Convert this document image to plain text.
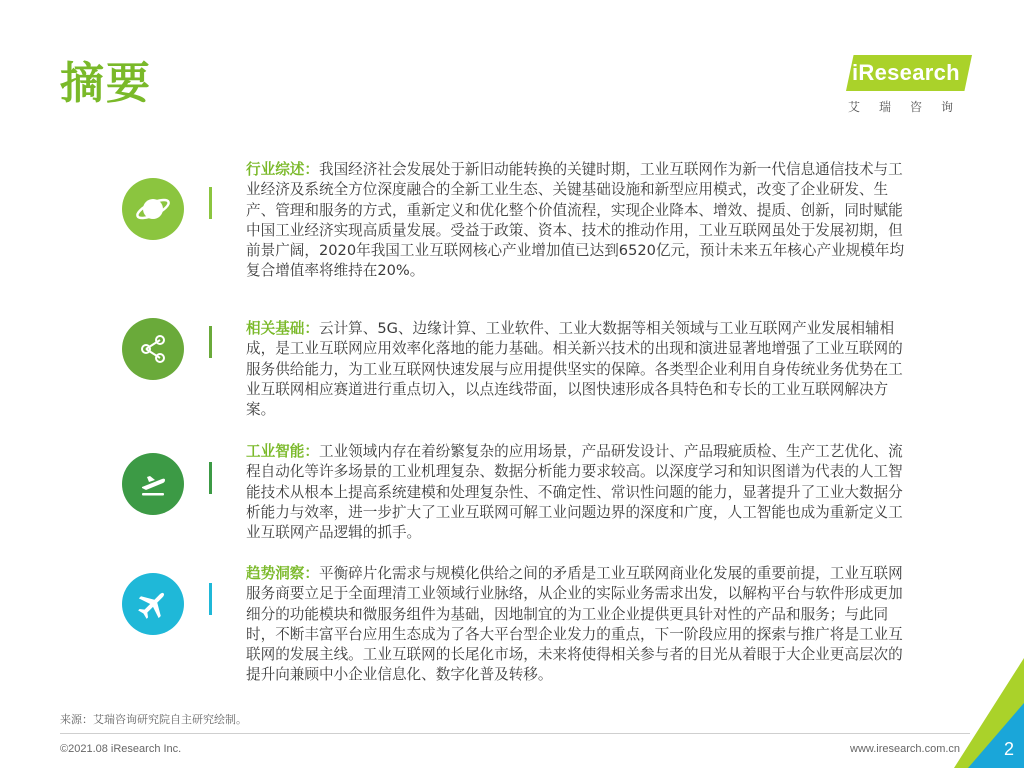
摘要	iResearch
艾瑞咨询
行业综述：我国经济社会发展处于新旧动能转换的关键时期，工业互联网作为新一代信息通信技术与工业经济及系统全方位深度融合的全新工业生态、关键基础设施和新型应用模式，改变了企业研发、生产、管理和服务的方式，重新定义和优化整个价值流程，实现企业降本、增效、提质、创新，同时赋能中国工业经济实现高质量发展。受益于政策、资本、技术的推动作用，工业互联网虽处于发展初期，但前景广阔，2020年我国工业互联网核心产业增加值已达到6520亿元，预计未来五年核心产业规模年均复合增值率将维持在20%。
相关基础：云计算、5G、边缘计算、工业软件、工业大数据等相关领域与工业互联网产业发展相辅相成，是工业互联网应用效率化落地的能力基础。相关新兴技术的出现和演进显著地增强了工业互联网的服务供给能力，为工业互联网快速发展与应用提供坚实的保障。各类型企业利用自身传统业务优势在工业互联网相应赛道进行重点切入，以点连线带面，以图快速形成各具特色和专长的工业互联网解决方案。
工业智能：工业领域内存在着纷繁复杂的应用场景，产品研发设计、产品瑕疵质检、生产工艺优化、流程自动化等许多场景的工业机理复杂、数据分析能力要求较高。以深度学习和知识图谱为代表的人工智能技术从根本上提高系统建模和处理复杂性、不确定性、常识性问题的能力，显著提升了工业大数据分析能力与效率，进一步扩大了工业互联网可解工业问题边界的深度和广度，人工智能也成为重新定义工业互联网产品逻辑的抓手。
趋势洞察：平衡碎片化需求与规模化供给之间的矛盾是工业互联网商业化发展的重要前提，工业互联网服务商要立足于全面理清工业领域行业脉络，从企业的实际业务需求出发，以解构平台与软件形成更加细分的功能模块和微服务组件为基础，因地制宜的为工业企业提供更具针对性的产品和服务；与此同时，不断丰富平台应用生态成为了各大平台型企业发力的重点，下一阶段应用的探索与推广将是工业互联网的发展主线。工业互联网的长尾化市场，未来将使得相关参与者的目光从着眼于大企业更高层次的提升向兼顾中小企业信息化、数字化普及转移。
来源：艾瑞咨询研究院自主研究绘制。
©2021.08 iResearch Inc.	www.iresearch.com.cn 2
